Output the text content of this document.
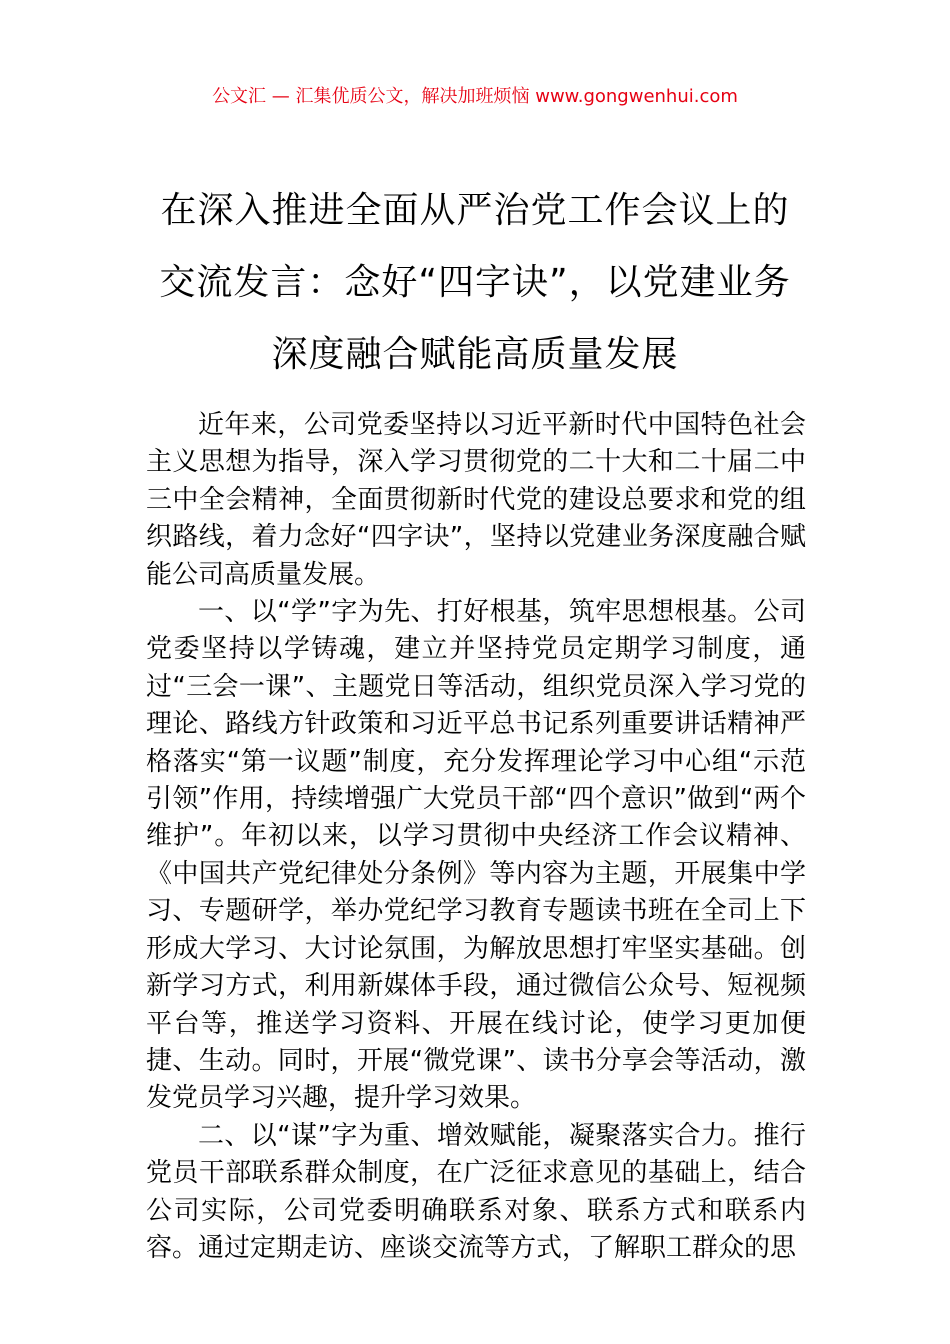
公文汇 — 汇集优质公文，解决加班烦恼 www.gongwenhui.com
在深入推进全面从严治党工作会议上的交流发言：念好“四字诀”，以党建业务深度融合赋能高质量发展

近年来，公司党委坚持以习近平新时代中国特色社会主义思想为指导，深入学习贯彻党的二十大和二十届二中三中全会精神，全面贯彻新时代党的建设总要求和党的组织路线，着力念好“四字诀”，坚持以党建业务深度融合赋能公司高质量发展。

一、以“学”字为先、打好根基，筑牢思想根基。公司党委坚持以学铸魂，建立并坚持党员定期学习制度，通过“三会一课”、主题党日等活动，组织党员深入学习党的理论、路线方针政策和习近平总书记系列重要讲话精神严格落实“第一议题”制度，充分发挥理论学习中心组“示范引领”作用，持续增强广大党员干部“四个意识”做到“两个维护”。年初以来，以学习贯彻中央经济工作会议精神、《中国共产党纪律处分条例》等内容为主题，开展集中学习、专题研学，举办党纪学习教育专题读书班在全司上下形成大学习、大讨论氛围，为解放思想打牢坚实基础。创新学习方式，利用新媒体手段，通过微信公众号、短视频平台等，推送学习资料、开展在线讨论，使学习更加便捷、生动。同时，开展“微党课”、读书分享会等活动，激发党员学习兴趣，提升学习效果。

二、以“谋”字为重、增效赋能，凝聚落实合力。推行党员干部联系群众制度，在广泛征求意见的基础上，结合公司实际，公司党委明确联系对象、联系方式和联系内容。通过定期走访、座谈交流等方式，了解职工群众的思
